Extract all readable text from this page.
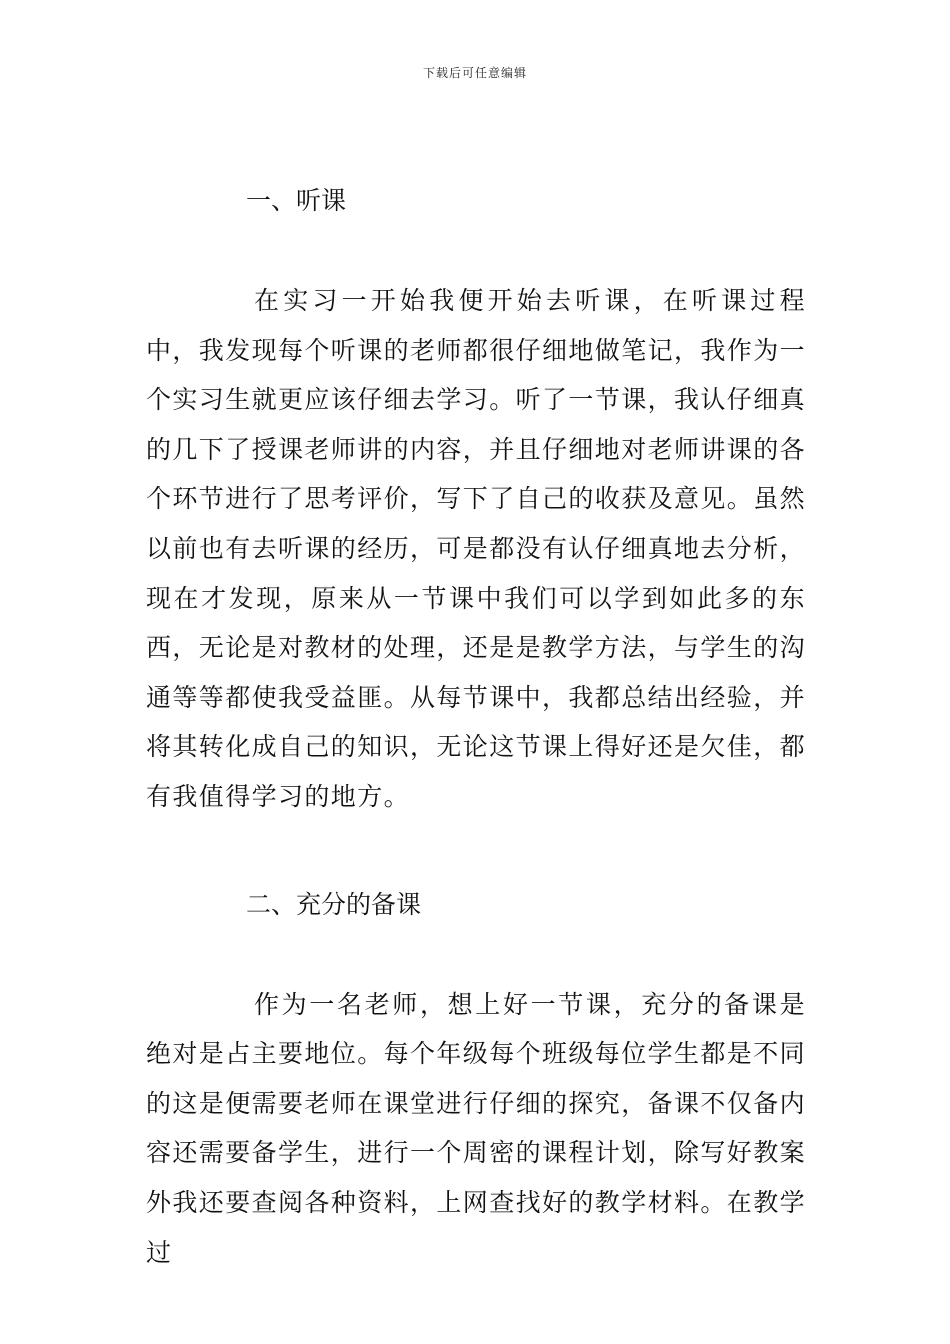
下载后可任意编辑
一、听课

在实习一开始我便开始去听课，在听课过程中，我发现每个听课的老师都很仔细地做笔记，我作为一个实习生就更应该仔细去学习。听了一节课，我认仔细真的几下了授课老师讲的内容，并且仔细地对老师讲课的各个环节进行了思考评价，写下了自己的收获及意见。虽然以前也有去听课的经历，可是都没有认仔细真地去分析，现在才发现，原来从一节课中我们可以学到如此多的东西，无论是对教材的处理，还是是教学方法，与学生的沟通等等都使我受益匪。从每节课中，我都总结出经验，并将其转化成自己的知识，无论这节课上得好还是欠佳，都有我值得学习的地方。

二、充分的备课

作为一名老师，想上好一节课，充分的备课是绝对是占主要地位。每个年级每个班级每位学生都是不同的这是便需要老师在课堂进行仔细的探究，备课不仅备内容还需要备学生，进行一个周密的课程计划，除写好教案外我还要查阅各种资料，上网查找好的教学材料。在教学过
